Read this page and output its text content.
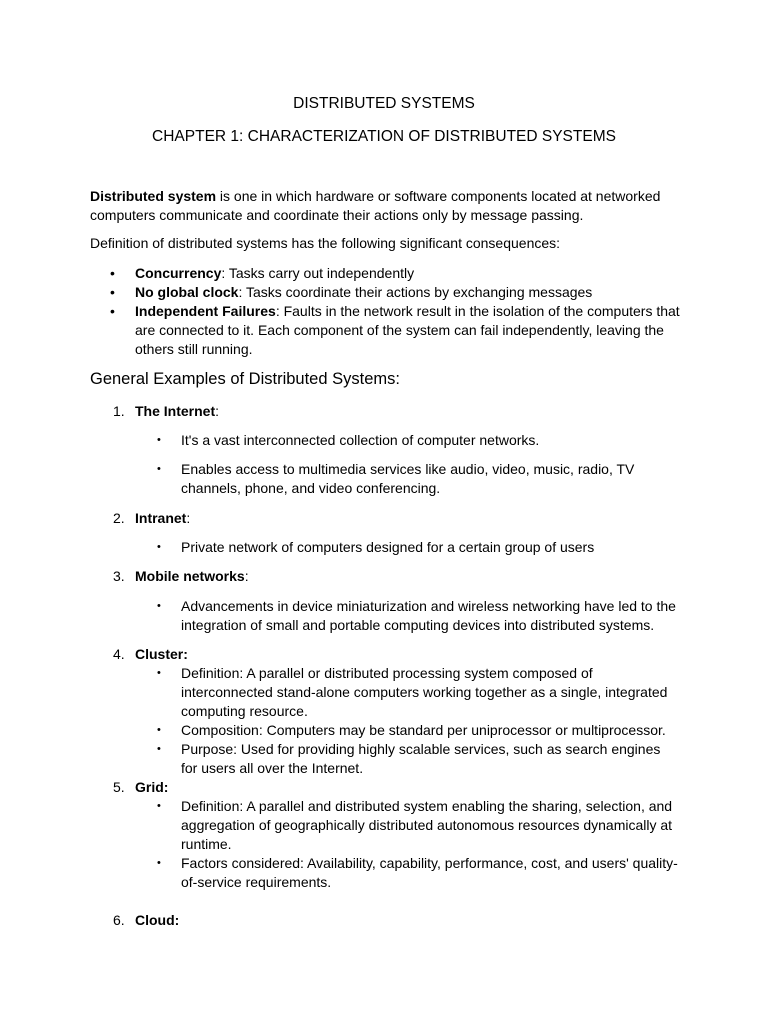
DISTRIBUTED SYSTEMS
CHAPTER 1: CHARACTERIZATION OF DISTRIBUTED SYSTEMS
Distributed system is one in which hardware or software components located at networked computers communicate and coordinate their actions only by message passing.
Definition of distributed systems has the following significant consequences:
• Concurrency: Tasks carry out independently
• No global clock: Tasks coordinate their actions by exchanging messages
• Independent Failures: Faults in the network result in the isolation of the computers that are connected to it. Each component of the system can fail independently, leaving the others still running.
General Examples of Distributed Systems:
1. The Internet:
• It's a vast interconnected collection of computer networks.
• Enables access to multimedia services like audio, video, music, radio, TV channels, phone, and video conferencing.
2. Intranet:
• Private network of computers designed for a certain group of users
3. Mobile networks:
• Advancements in device miniaturization and wireless networking have led to the integration of small and portable computing devices into distributed systems.
4. Cluster:
• Definition: A parallel or distributed processing system composed of interconnected stand-alone computers working together as a single, integrated computing resource.
• Composition: Computers may be standard per uniprocessor or multiprocessor.
• Purpose: Used for providing highly scalable services, such as search engines for users all over the Internet.
5. Grid:
• Definition: A parallel and distributed system enabling the sharing, selection, and aggregation of geographically distributed autonomous resources dynamically at runtime.
• Factors considered: Availability, capability, performance, cost, and users' quality-of-service requirements.
6. Cloud:
